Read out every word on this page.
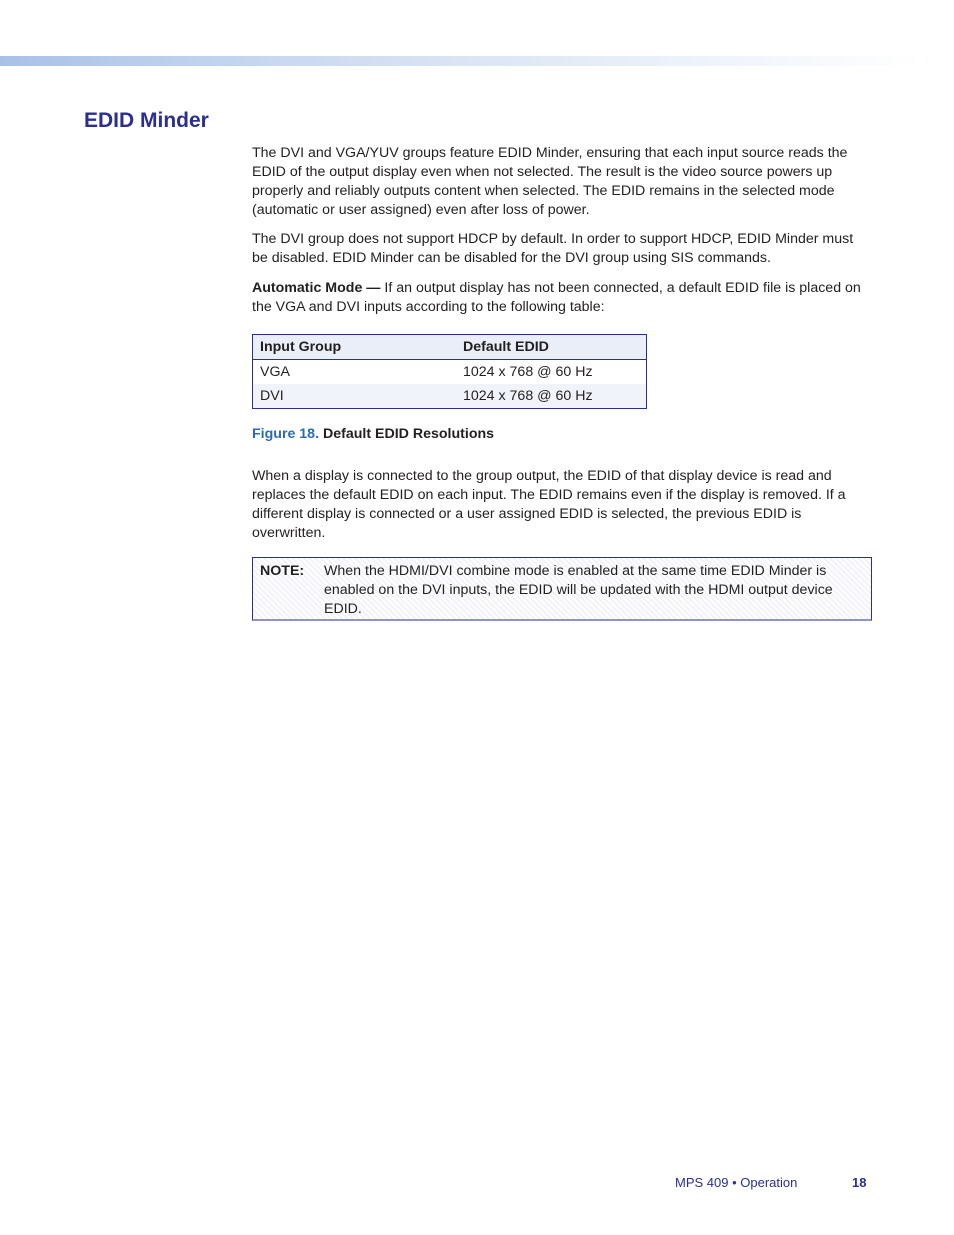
EDID Minder

The DVI and VGA/YUV groups feature EDID Minder, ensuring that each input source reads the EDID of the output display even when not selected. The result is the video source powers up properly and reliably outputs content when selected. The EDID remains in the selected mode (automatic or user assigned) even after loss of power.

The DVI group does not support HDCP by default. In order to support HDCP, EDID Minder must be disabled. EDID Minder can be disabled for the DVI group using SIS commands.

Automatic Mode — If an output display has not been connected, a default EDID file is placed on the VGA and DVI inputs according to the following table:

Input Group	Default EDID
VGA	1024 x 768 @ 60 Hz
DVI	1024 x 768 @ 60 Hz

Figure 18. Default EDID Resolutions

When a display is connected to the group output, the EDID of that display device is read and replaces the default EDID on each input. The EDID remains even if the display is removed. If a different display is connected or a user assigned EDID is selected, the previous EDID is overwritten.

NOTE: When the HDMI/DVI combine mode is enabled at the same time EDID Minder is enabled on the DVI inputs, the EDID will be updated with the HDMI output device EDID.

MPS 409 • Operation	18
